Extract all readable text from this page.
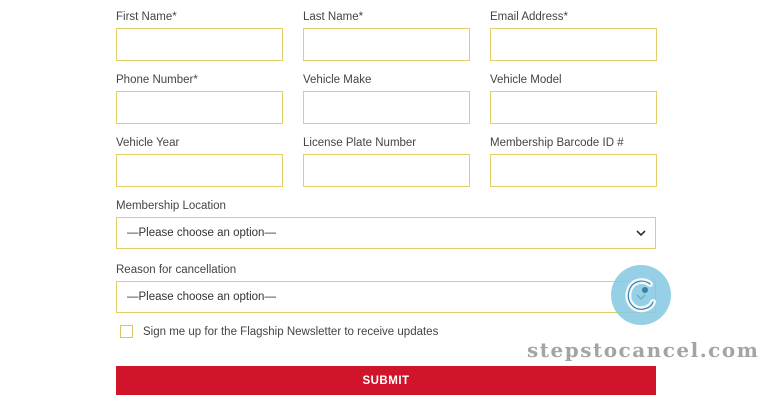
First Name*	Last Name*	Email Address*
Phone Number*	Vehicle Make	Vehicle Model
Vehicle Year	License Plate Number	Membership Barcode ID #
Membership Location
—Please choose an option—
Reason for cancellation
—Please choose an option—
Sign me up for the Flagship Newsletter to receive updates
SUBMIT
stepstocancel.com
